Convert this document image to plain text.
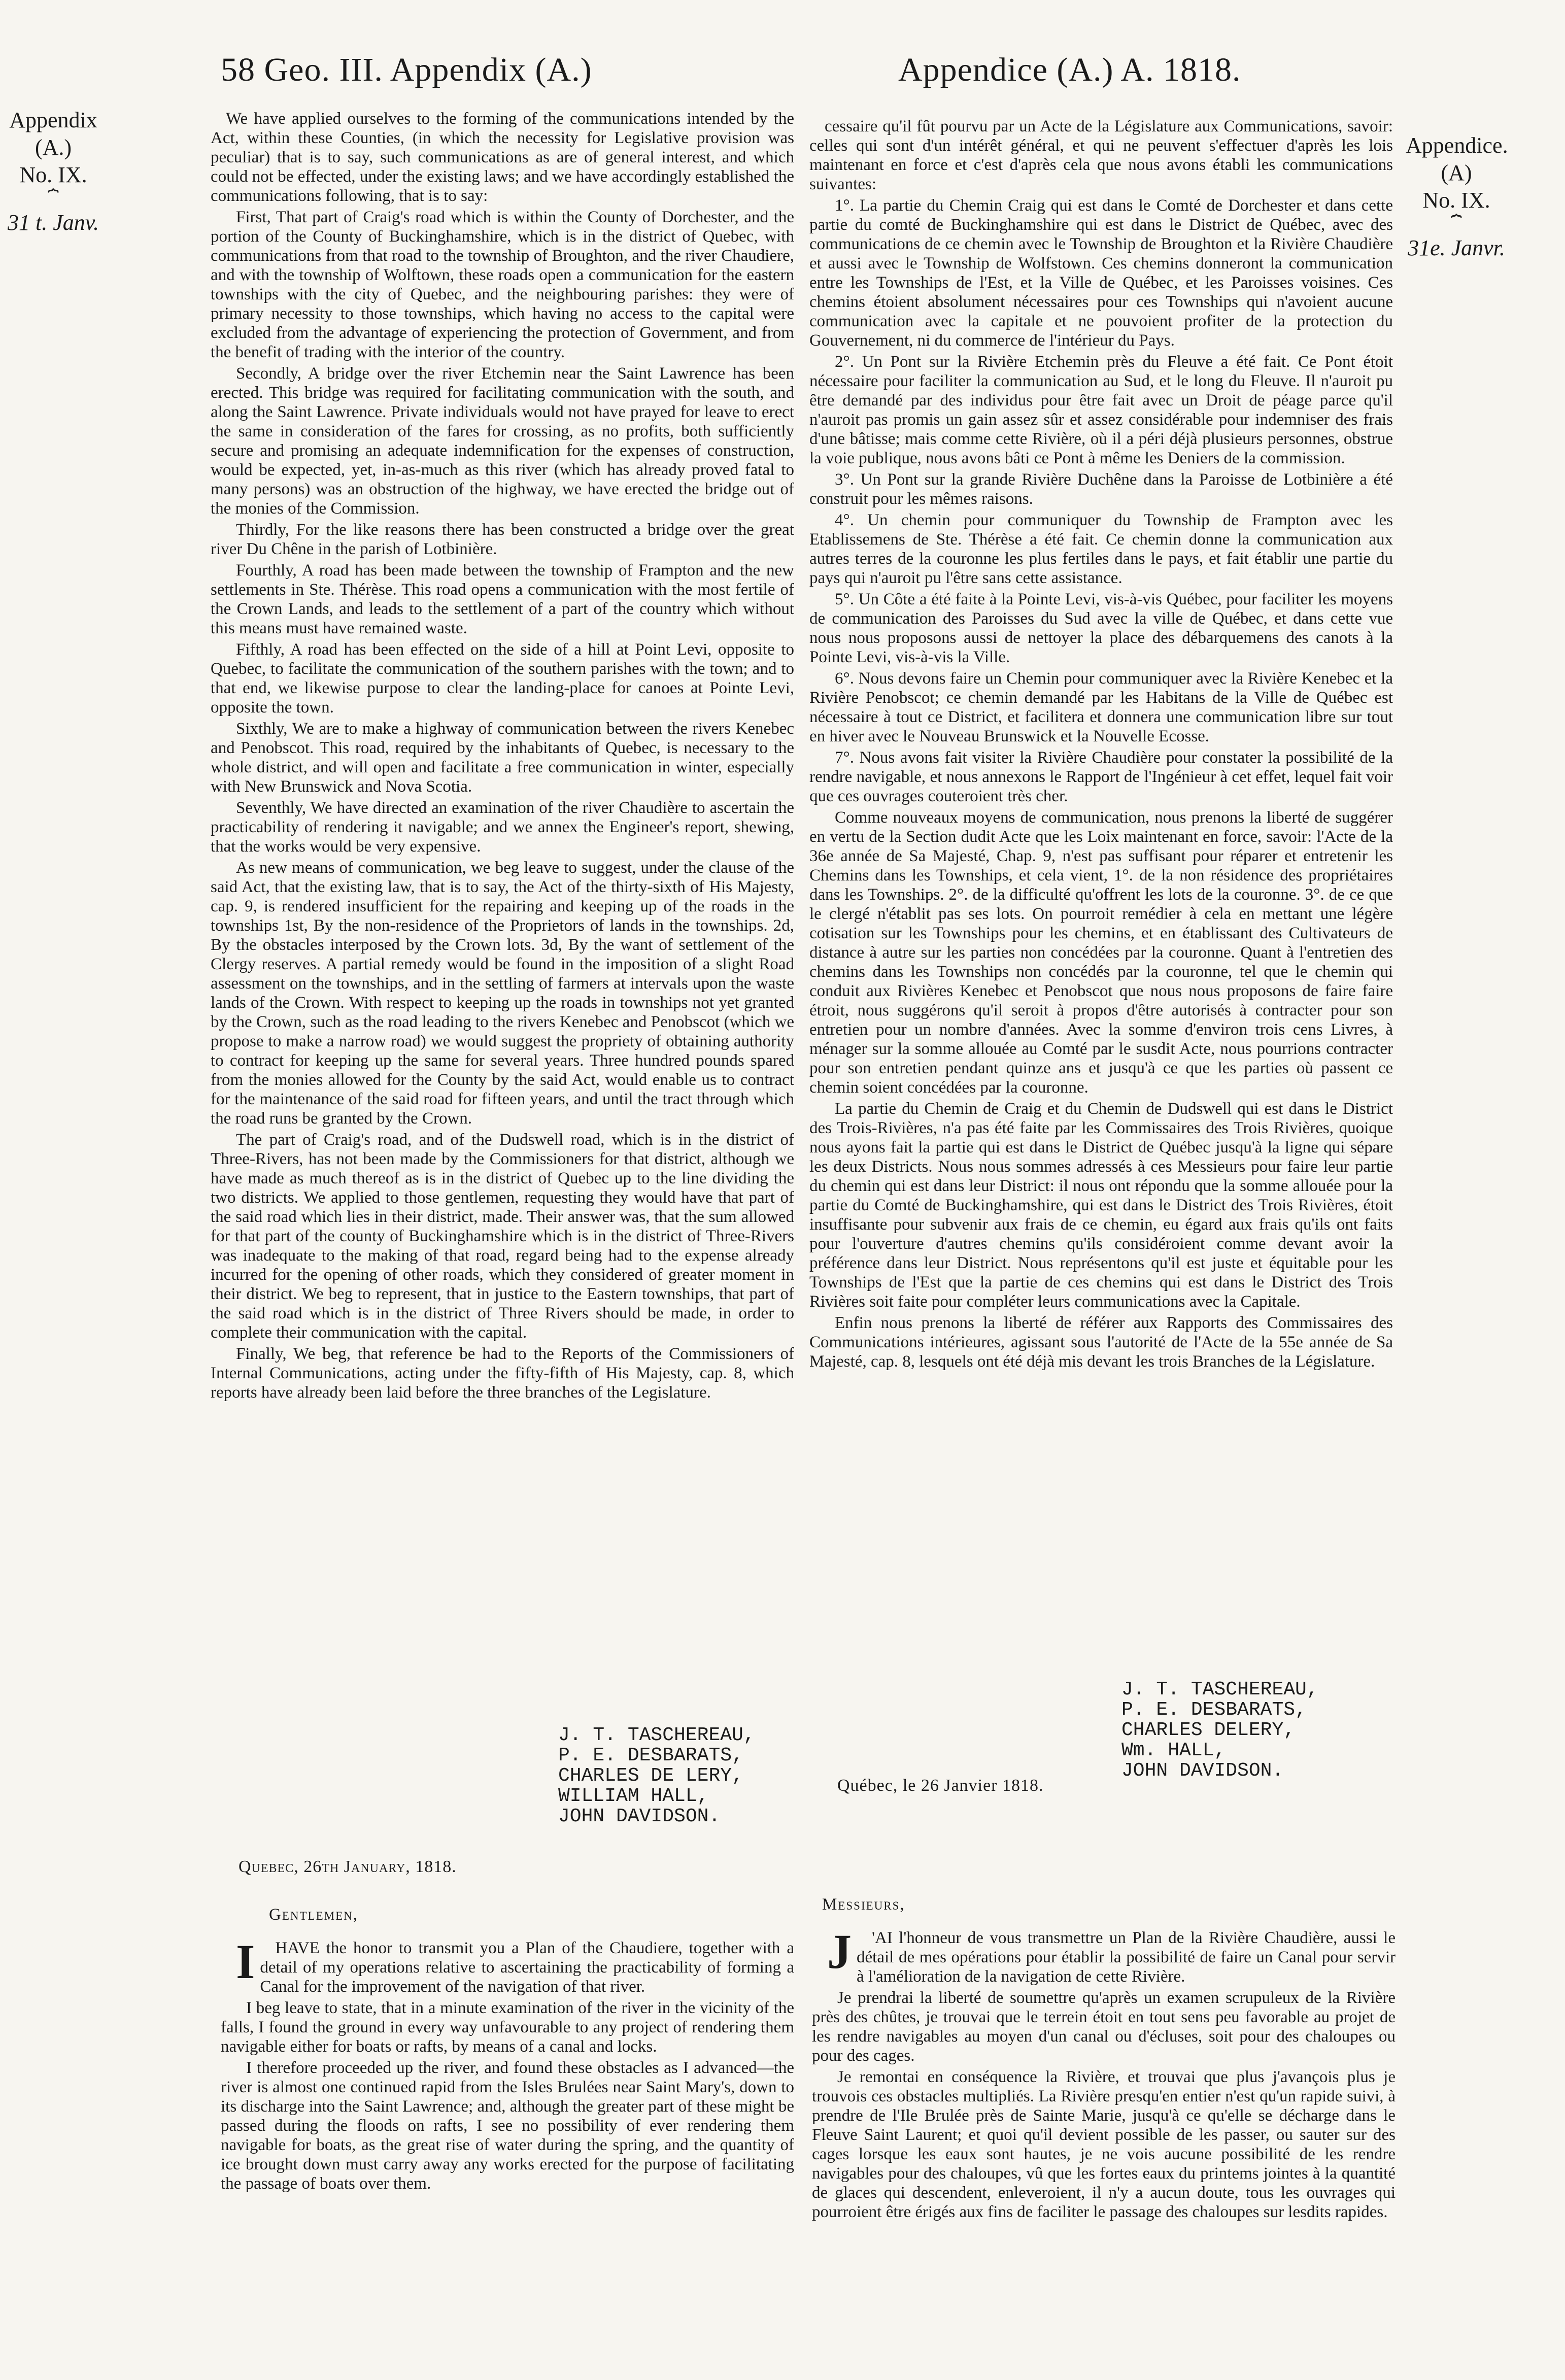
58 Geo. III. Appendix (A.)	Appendice (A.) A. 1818.
Appendix
(A.)
No. IX.
⏞
31 t. Janv.
Appendice.
(A)
No. IX.
⏞
31e. Janvr.

We have applied ourselves to the forming of the communications intended by the Act, within these Counties, (in which the necessity for Legislative provision was peculiar) that is to say, such communications as are of general interest, and which could not be effected, under the existing laws; and we have accordingly established the communications following, that is to say:

First, That part of Craig's road which is within the County of Dorchester, and the portion of the County of Buckinghamshire, which is in the district of Quebec, with communications from that road to the township of Broughton, and the river Chaudiere, and with the township of Wolftown, these roads open a communication for the eastern townships with the city of Quebec, and the neighbouring parishes: they were of primary necessity to those townships, which having no access to the capital were excluded from the advantage of experiencing the protection of Government, and from the benefit of trading with the interior of the country.

Secondly, A bridge over the river Etchemin near the Saint Lawrence has been erected. This bridge was required for facilitating communication with the south, and along the Saint Lawrence. Private individuals would not have prayed for leave to erect the same in consideration of the fares for crossing, as no profits, both sufficiently secure and promising an adequate indemnification for the expenses of construction, would be expected, yet, in-as-much as this river (which has already proved fatal to many persons) was an obstruction of the highway, we have erected the bridge out of the monies of the Commission.

Thirdly, For the like reasons there has been constructed a bridge over the great river Du Chêne in the parish of Lotbinière.

Fourthly, A road has been made between the township of Frampton and the new settlements in Ste. Thérèse. This road opens a communication with the most fertile of the Crown Lands, and leads to the settlement of a part of the country which without this means must have remained waste.

Fifthly, A road has been effected on the side of a hill at Point Levi, opposite to Quebec, to facilitate the communication of the southern parishes with the town; and to that end, we likewise purpose to clear the landing-place for canoes at Pointe Levi, opposite the town.

Sixthly, We are to make a highway of communication between the rivers Kenebec and Penobscot. This road, required by the inhabitants of Quebec, is necessary to the whole district, and will open and facilitate a free communication in winter, especially with New Brunswick and Nova Scotia.

Seventhly, We have directed an examination of the river Chaudière to ascertain the practicability of rendering it navigable; and we annex the Engineer's report, shewing, that the works would be very expensive.

As new means of communication, we beg leave to suggest, under the clause of the said Act, that the existing law, that is to say, the Act of the thirty-sixth of His Majesty, cap. 9, is rendered insufficient for the repairing and keeping up of the roads in the townships 1st, By the non-residence of the Proprietors of lands in the townships. 2d, By the obstacles interposed by the Crown lots. 3d, By the want of settlement of the Clergy reserves. A partial remedy would be found in the imposition of a slight Road assessment on the townships, and in the settling of farmers at intervals upon the waste lands of the Crown. With respect to keeping up the roads in townships not yet granted by the Crown, such as the road leading to the rivers Kenebec and Penobscot (which we propose to make a narrow road) we would suggest the propriety of obtaining authority to contract for keeping up the same for several years. Three hundred pounds spared from the monies allowed for the County by the said Act, would enable us to contract for the maintenance of the said road for fifteen years, and until the tract through which the road runs be granted by the Crown.

The part of Craig's road, and of the Dudswell road, which is in the district of Three-Rivers, has not been made by the Commissioners for that district, although we have made as much thereof as is in the district of Quebec up to the line dividing the two districts. We applied to those gentlemen, requesting they would have that part of the said road which lies in their district, made. Their answer was, that the sum allowed for that part of the county of Buckinghamshire which is in the district of Three-Rivers was inadequate to the making of that road, regard being had to the expense already incurred for the opening of other roads, which they considered of greater moment in their district. We beg to represent, that in justice to the Eastern townships, that part of the said road which is in the district of Three Rivers should be made, in order to complete their communication with the capital.

Finally, We beg, that reference be had to the Reports of the Commissioners of Internal Communications, acting under the fifty-fifth of His Majesty, cap. 8, which reports have already been laid before the three branches of the Legislature.

cessaire qu'il fût pourvu par un Acte de la Législature aux Communications, savoir: celles qui sont d'un intérêt général, et qui ne peuvent s'effectuer d'après les lois maintenant en force et c'est d'après cela que nous avons établi les communications suivantes:

1°. La partie du Chemin Craig qui est dans le Comté de Dorchester et dans cette partie du comté de Buckinghamshire qui est dans le District de Québec, avec des communications de ce chemin avec le Township de Broughton et la Rivière Chaudière et aussi avec le Township de Wolfstown. Ces chemins donneront la communication entre les Townships de l'Est, et la Ville de Québec, et les Paroisses voisines. Ces chemins étoient absolument nécessaires pour ces Townships qui n'avoient aucune communication avec la capitale et ne pouvoient profiter de la protection du Gouvernement, ni du commerce de l'intérieur du Pays.

2°. Un Pont sur la Rivière Etchemin près du Fleuve a été fait. Ce Pont étoit nécessaire pour faciliter la communication au Sud, et le long du Fleuve. Il n'auroit pu être demandé par des individus pour être fait avec un Droit de péage parce qu'il n'auroit pas promis un gain assez sûr et assez considérable pour indemniser des frais d'une bâtisse; mais comme cette Rivière, où il a péri déjà plusieurs personnes, obstrue la voie publique, nous avons bâti ce Pont à même les Deniers de la commission.

3°. Un Pont sur la grande Rivière Duchêne dans la Paroisse de Lotbinière a été construit pour les mêmes raisons.

4°. Un chemin pour communiquer du Township de Frampton avec les Etablissemens de Ste. Thérèse a été fait. Ce chemin donne la communication aux autres terres de la couronne les plus fertiles dans le pays, et fait établir une partie du pays qui n'auroit pu l'être sans cette assistance.

5°. Un Côte a été faite à la Pointe Levi, vis-à-vis Québec, pour faciliter les moyens de communication des Paroisses du Sud avec la ville de Québec, et dans cette vue nous nous proposons aussi de nettoyer la place des débarquemens des canots à la Pointe Levi, vis-à-vis la Ville.

6°. Nous devons faire un Chemin pour communiquer avec la Rivière Kenebec et la Rivière Penobscot; ce chemin demandé par les Habitans de la Ville de Québec est nécessaire à tout ce District, et facilitera et donnera une communication libre sur tout en hiver avec le Nouveau Brunswick et la Nouvelle Ecosse.

7°. Nous avons fait visiter la Rivière Chaudière pour constater la possibilité de la rendre navigable, et nous annexons le Rapport de l'Ingénieur à cet effet, lequel fait voir que ces ouvrages couteroient très cher.

Comme nouveaux moyens de communication, nous prenons la liberté de suggérer en vertu de la Section dudit Acte que les Loix maintenant en force, savoir: l'Acte de la 36e année de Sa Majesté, Chap. 9, n'est pas suffisant pour réparer et entretenir les Chemins dans les Townships, et cela vient, 1°. de la non résidence des propriétaires dans les Townships. 2°. de la difficulté qu'offrent les lots de la couronne. 3°. de ce que le clergé n'établit pas ses lots. On pourroit remédier à cela en mettant une légère cotisation sur les Townships pour les chemins, et en établissant des Cultivateurs de distance à autre sur les parties non concédées par la couronne. Quant à l'entretien des chemins dans les Townships non concédés par la couronne, tel que le chemin qui conduit aux Rivières Kenebec et Penobscot que nous nous proposons de faire faire étroit, nous suggérons qu'il seroit à propos d'être autorisés à contracter pour son entretien pour un nombre d'années. Avec la somme d'environ trois cens Livres, à ménager sur la somme allouée au Comté par le susdit Acte, nous pourrions contracter pour son entretien pendant quinze ans et jusqu'à ce que les parties où passent ce chemin soient concédées par la couronne.

La partie du Chemin de Craig et du Chemin de Dudswell qui est dans le District des Trois-Rivières, n'a pas été faite par les Commissaires des Trois Rivières, quoique nous ayons fait la partie qui est dans le District de Québec jusqu'à la ligne qui sépare les deux Districts. Nous nous sommes adressés à ces Messieurs pour faire leur partie du chemin qui est dans leur District: il nous ont répondu que la somme allouée pour la partie du Comté de Buckinghamshire, qui est dans le District des Trois Rivières, étoit insuffisante pour subvenir aux frais de ce chemin, eu égard aux frais qu'ils ont faits pour l'ouverture d'autres chemins qu'ils considéroient comme devant avoir la préférence dans leur District. Nous représentons qu'il est juste et équitable pour les Townships de l'Est que la partie de ces chemins qui est dans le District des Trois Rivières soit faite pour compléter leurs communications avec la Capitale.

Enfin nous prenons la liberté de référer aux Rapports des Commissaires des Communications intérieures, agissant sous l'autorité de l'Acte de la 55e année de Sa Majesté, cap. 8, lesquels ont été déjà mis devant les trois Branches de la Législature.

J. T. TASCHEREAU,
P. E. DESBARATS,
CHARLES DE LERY,
WILLIAM HALL,
JOHN DAVIDSON.
J. T. TASCHEREAU,
P. E. DESBARATS,
CHARLES DELERY,
Wm. HALL,
JOHN DAVIDSON.
Quebec, 26th January, 1818.
Québec, le 26 Janvier 1818.
Gentlemen,
Messieurs,

I HAVE the honor to transmit you a Plan of the Chaudiere, together with a detail of my operations relative to ascertaining the practicability of forming a Canal for the improvement of the navigation of that river.

I beg leave to state, that in a minute examination of the river in the vicinity of the falls, I found the ground in every way unfavourable to any project of rendering them navigable either for boats or rafts, by means of a canal and locks.

I therefore proceeded up the river, and found these obstacles as I advanced—the river is almost one continued rapid from the Isles Brulées near Saint Mary's, down to its discharge into the Saint Lawrence; and, although the greater part of these might be passed during the floods on rafts, I see no possibility of ever rendering them navigable for boats, as the great rise of water during the spring, and the quantity of ice brought down must carry away any works erected for the purpose of facilitating the passage of boats over them.

J 'AI l'honneur de vous transmettre un Plan de la Rivière Chaudière, aussi le détail de mes opérations pour établir la possibilité de faire un Canal pour servir à l'amélioration de la navigation de cette Rivière.

Je prendrai la liberté de soumettre qu'après un examen scrupuleux de la Rivière près des chûtes, je trouvai que le terrein étoit en tout sens peu favorable au projet de les rendre navigables au moyen d'un canal ou d'écluses, soit pour des chaloupes ou pour des cages.

Je remontai en conséquence la Rivière, et trouvai que plus j'avançois plus je trouvois ces obstacles multipliés. La Rivière presqu'en entier n'est qu'un rapide suivi, à prendre de l'Ile Brulée près de Sainte Marie, jusqu'à ce qu'elle se décharge dans le Fleuve Saint Laurent; et quoi qu'il devient possible de les passer, ou sauter sur des cages lorsque les eaux sont hautes, je ne vois aucune possibilité de les rendre navigables pour des chaloupes, vû que les fortes eaux du printems jointes à la quantité de glaces qui descendent, enleveroient, il n'y a aucun doute, tous les ouvrages qui pourroient être érigés aux fins de faciliter le passage des chaloupes sur lesdits rapides.
